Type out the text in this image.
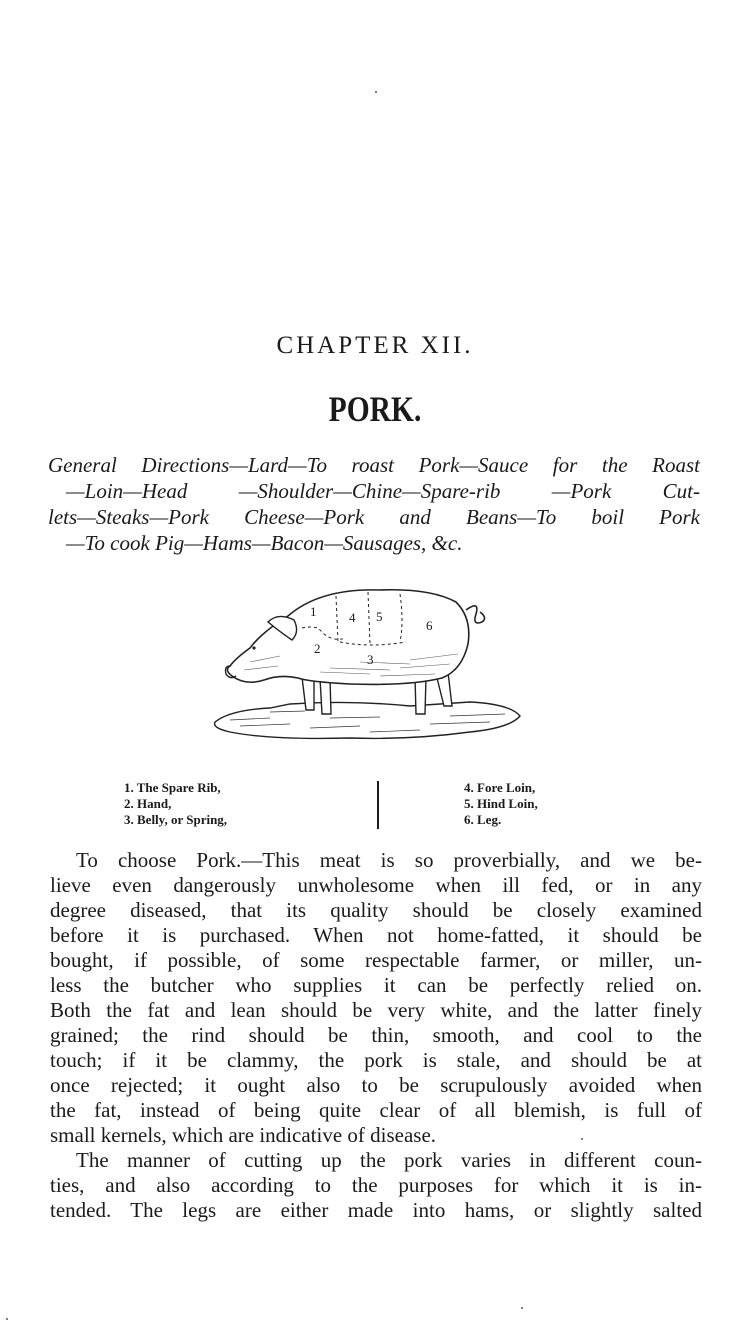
CHAPTER XII.
PORK.
General Directions—Lard—To roast Pork—Sauce for the Roast
—Loin—Head —Shoulder—Chine—Spare-rib —Pork Cut-
lets—Steaks—Pork Cheese—Pork and Beans—To boil Pork
—To cook Pig—Hams—Bacon—Sausages, &c.
1	4 5
6
2
3
1. The Spare Rib,
2. Hand,
3. Belly, or Spring,
4. Fore Loin,
5. Hind Loin,
6. Leg.
To choose Pork.—This meat is so proverbially, and we be-
lieve even dangerously unwholesome when ill fed, or in any
degree diseased, that its quality should be closely examined
before it is purchased. When not home-fatted, it should be
bought, if possible, of some respectable farmer, or miller, un-
less the butcher who supplies it can be perfectly relied on.
Both the fat and lean should be very white, and the latter finely
grained; the rind should be thin, smooth, and cool to the
touch; if it be clammy, the pork is stale, and should be at
once rejected; it ought also to be scrupulously avoided when
the fat, instead of being quite clear of all blemish, is full of
small kernels, which are indicative of disease.
The manner of cutting up the pork varies in different coun-
ties, and also according to the purposes for which it is in-
tended. The legs are either made into hams, or slightly salted
